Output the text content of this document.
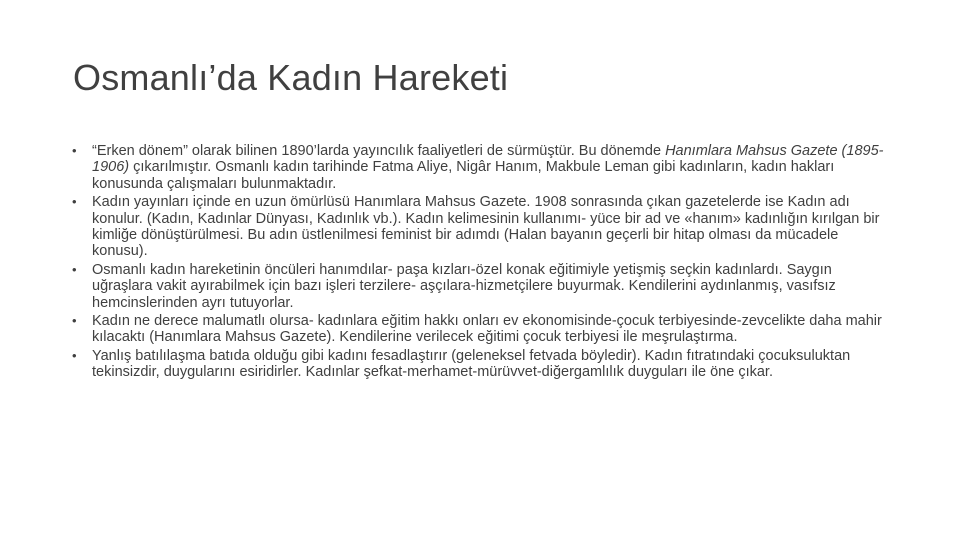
Osmanlı’da Kadın Hareketi
• “Erken dönem” olarak bilinen 1890’larda yayıncılık faaliyetleri de sürmüştür. Bu dönemde Hanımlara Mahsus Gazete (1895-1906) çıkarılmıştır. Osmanlı kadın tarihinde Fatma Aliye, Nigâr Hanım, Makbule Leman gibi kadınların, kadın hakları konusunda çalışmaları bulunmaktadır.
• Kadın yayınları içinde en uzun ömürlüsü Hanımlara Mahsus Gazete. 1908 sonrasında çıkan gazetelerde ise Kadın adı konulur. (Kadın, Kadınlar Dünyası, Kadınlık vb.). Kadın kelimesinin kullanımı- yüce bir ad ve «hanım» kadınlığın kırılgan bir kimliğe dönüştürülmesi. Bu adın üstlenilmesi feminist bir adımdı (Halan bayanın geçerli bir hitap olması da mücadele konusu).
• Osmanlı kadın hareketinin öncüleri hanımdılar- paşa kızları-özel konak eğitimiyle yetişmiş seçkin kadınlardı. Saygın uğraşlara vakit ayırabilmek için bazı işleri terzilere- aşçılara-hizmetçilere buyurmak. Kendilerini aydınlanmış, vasıfsız hemcinslerinden ayrı tutuyorlar.
• Kadın ne derece malumatlı olursa- kadınlara eğitim hakkı onları ev ekonomisinde-çocuk terbiyesinde-zevcelikte daha mahir kılacaktı (Hanımlara Mahsus Gazete). Kendilerine verilecek eğitimi çocuk terbiyesi ile meşrulaştırma.
• Yanlış batılılaşma batıda olduğu gibi kadını fesadlaştırır (geleneksel fetvada böyledir). Kadın fıtratındaki çocuksuluktan tekinsizdir, duygularını esiridirler. Kadınlar şefkat-merhamet-mürüvvet-diğergamlılık duyguları ile öne çıkar.
